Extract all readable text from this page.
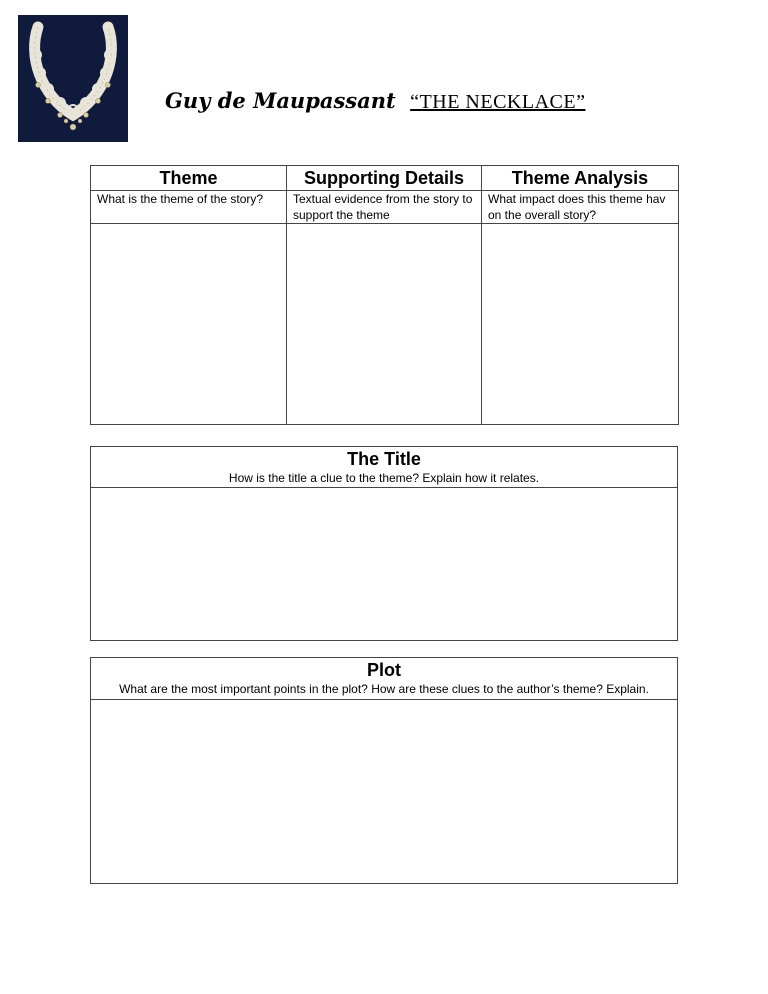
Guy de Maupassant “THE NECKLACE”
Theme	Supporting Details	Theme Analysis
What is the theme of the story?	Textual evidence from the story to support the theme	What impact does this theme hav
on the overall story?

The Title
How is the title a clue to the theme? Explain how it relates.

Plot
What are the most important points in the plot? How are these clues to the author’s theme? Explain.
